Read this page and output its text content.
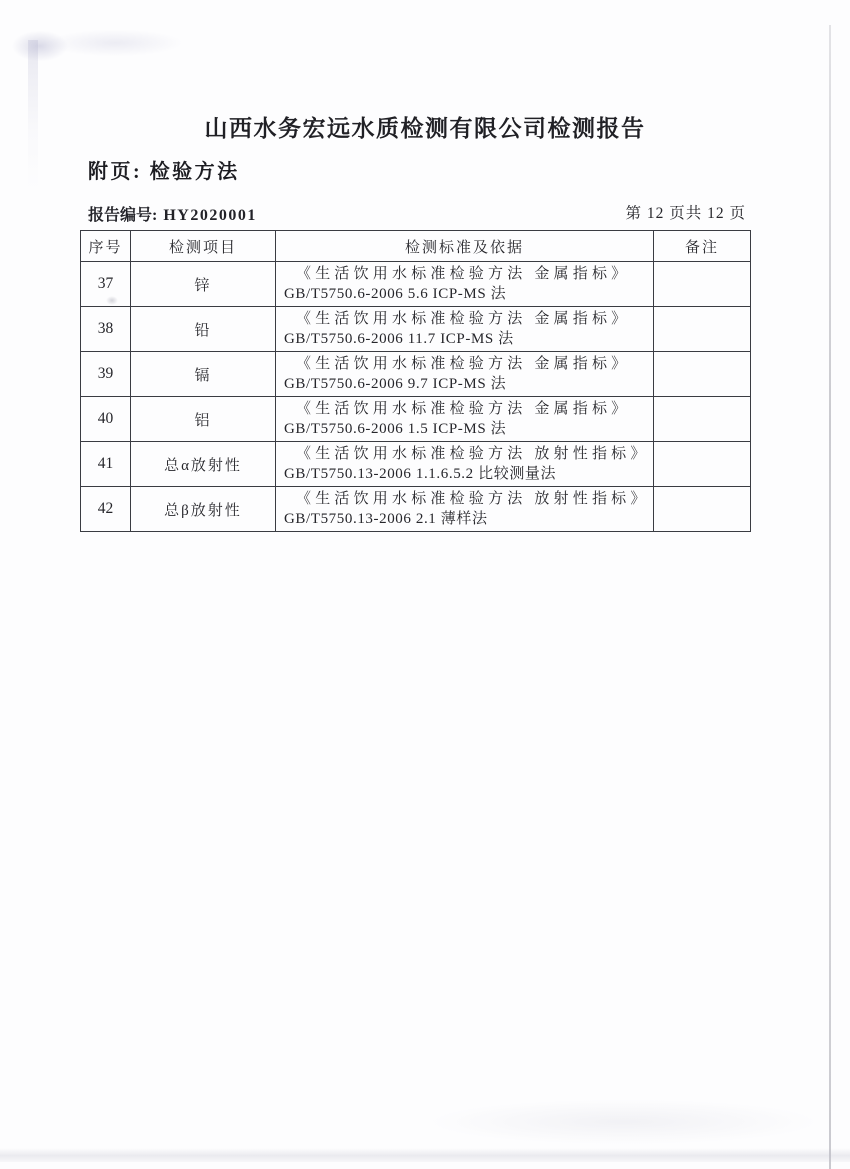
山西水务宏远水质检测有限公司检测报告
附页: 检验方法
报告编号: HY2020001	第 12 页共 12 页
序号	检测项目	检测标准及依据	备注
37	锌	《生活饮用水标准检验方法 金属指标》
GB/T5750.6-2006 5.6 ICP-MS 法	

38	铅	《生活饮用水标准检验方法 金属指标》
GB/T5750.6-2006 11.7 ICP-MS 法	

39	镉	《生活饮用水标准检验方法 金属指标》
GB/T5750.6-2006 9.7 ICP-MS 法	

40	铝	《生活饮用水标准检验方法 金属指标》
GB/T5750.6-2006 1.5 ICP-MS 法	

41	总α放射性	《生活饮用水标准检验方法 放射性指标》
GB/T5750.13-2006 1.1.6.5.2 比较测量法	

42	总β放射性	《生活饮用水标准检验方法 放射性指标》
GB/T5750.13-2006 2.1 薄样法	
